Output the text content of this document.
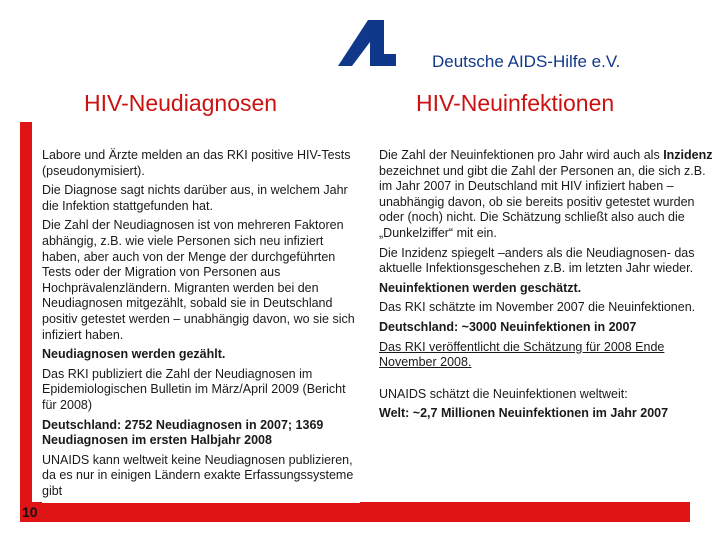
Deutsche AIDS-Hilfe e.V.
HIV-Neudiagnosen	HIV-Neuinfektionen
10

Labore und Ärzte melden an das RKI positive HIV-Tests (pseudonymisiert).

Die Diagnose sagt nichts darüber aus, in welchem Jahr die Infektion stattgefunden hat.

Die Zahl der Neudiagnosen ist von mehreren Faktoren abhängig, z.B. wie viele Personen sich neu infiziert haben, aber auch von der Menge der durchgeführten Tests oder der Migration von Personen aus Hochprävalenzländern. Migranten werden bei den Neudiagnosen mitgezählt, sobald sie in Deutschland positiv getestet werden – unabhängig davon, wo sie sich infiziert haben.

Neudiagnosen werden gezählt.

Das RKI publiziert die Zahl der Neudiagnosen im Epidemiologischen Bulletin im März/April 2009 (Bericht für 2008)

Deutschland: 2752 Neudiagnosen in 2007; 1369 Neudiagnosen im ersten Halbjahr 2008

UNAIDS kann weltweit keine Neudiagnosen publizieren, da es nur in einigen Ländern exakte Erfassungssysteme gibt

Die Zahl der Neuinfektionen pro Jahr wird auch als Inzidenz bezeichnet und gibt die Zahl der Personen an, die sich z.B. im Jahr 2007 in Deutschland mit HIV infiziert haben – unabhängig davon, ob sie bereits positiv getestet wurden oder (noch) nicht. Die Schätzung schließt also auch die „Dunkelziffer“ mit ein.

Die Inzidenz spiegelt –anders als die Neudiagnosen- das aktuelle Infektionsgeschehen z.B. im letzten Jahr wieder.

Neuinfektionen werden geschätzt.

Das RKI schätzte im November 2007 die Neuinfektionen.

Deutschland: ~3000 Neuinfektionen in 2007

Das RKI veröffentlicht die Schätzung für 2008 Ende November 2008.

UNAIDS schätzt die Neuinfektionen weltweit:

Welt: ~2,7 Millionen Neuinfektionen im Jahr 2007
